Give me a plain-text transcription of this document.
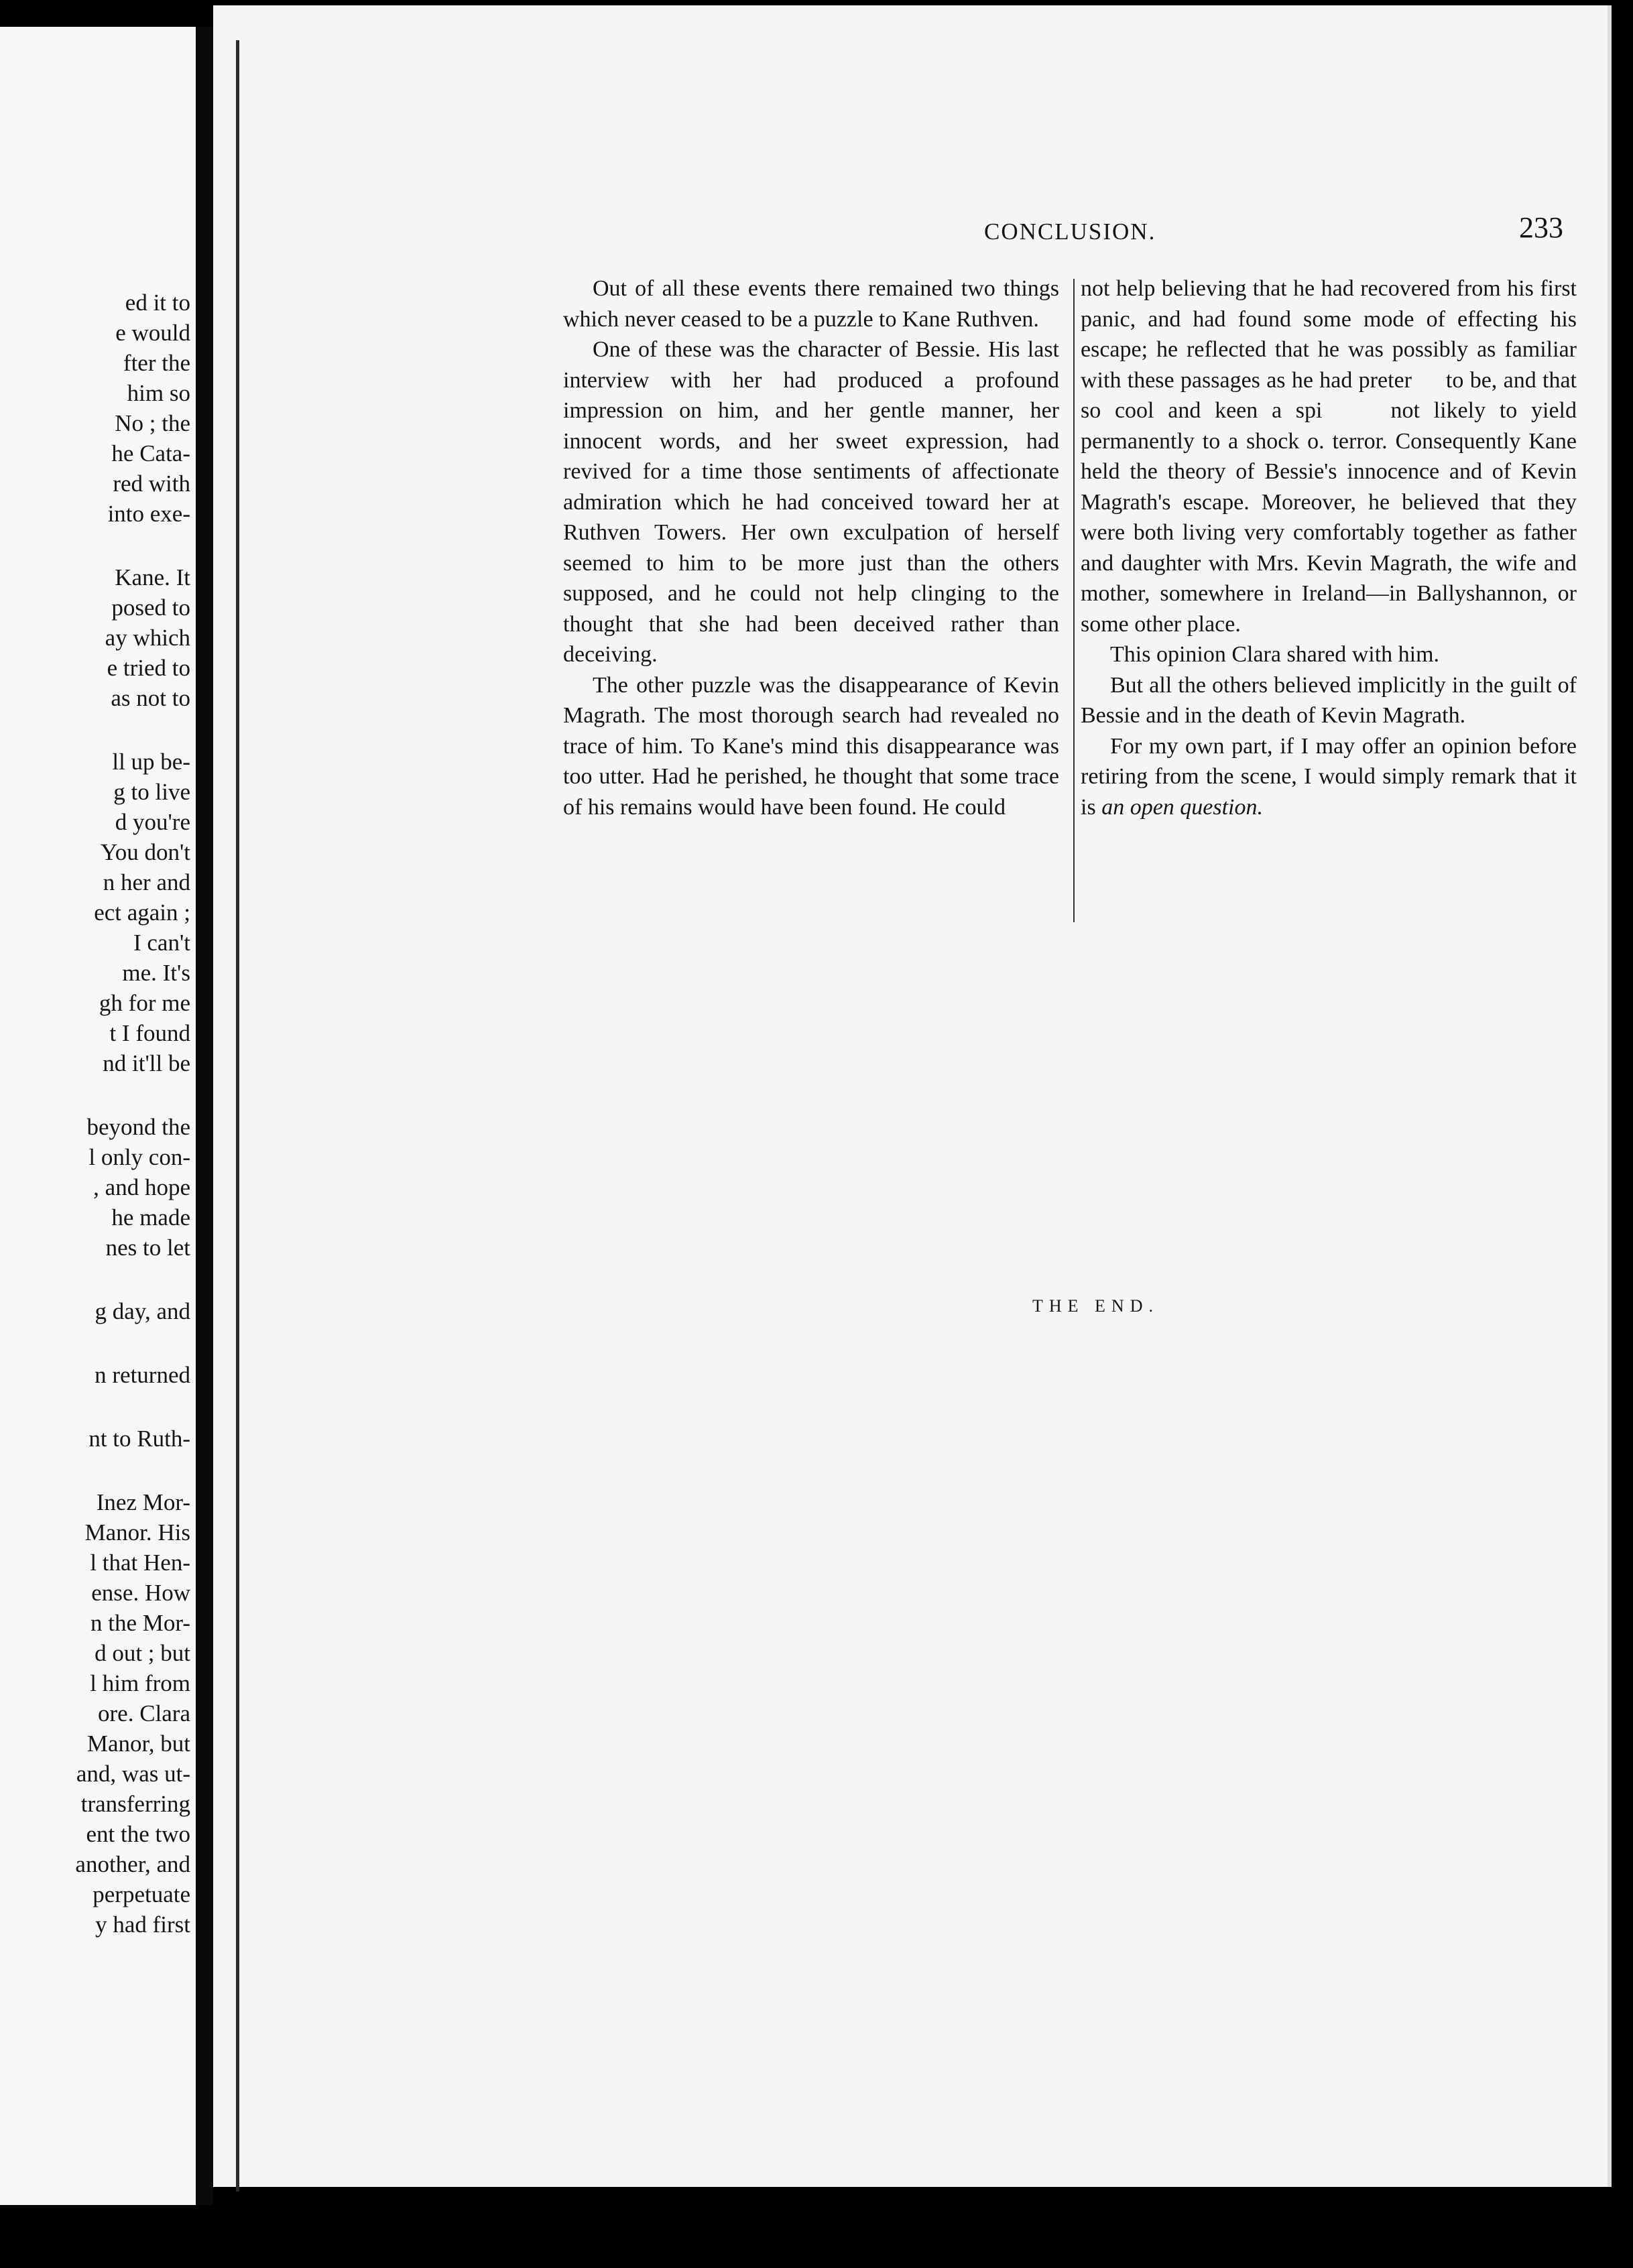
ed it to
e would
fter the
him so
No ; the
he Cata-
red with
into exe-
Kane. It
posed to
ay which
e tried to
as not to
ll up be-
g to live
d you're
You don't
n her and
ect again ;
I can't
me. It's
gh for me
t I found
nd it'll be
beyond the
l only con-
, and hope
he made
nes to let
g day, and
n returned
nt to Ruth-
Inez Mor-
Manor. His
l that Hen-
ense. How
n the Mor-
d out ; but
l him from
ore. Clara
Manor, but
and, was ut-
transferring
ent the two
another, and
perpetuate
y had first
CONCLUSION.	233

Out of all these events there remained two things which never ceased to be a puzzle to Kane Ruthven.

One of these was the character of Bessie. His last interview with her had produced a profound impression on him, and her gentle manner, her innocent words, and her sweet expression, had revived for a time those sentiments of affectionate admiration which he had conceived toward her at Ruthven Towers. Her own exculpation of herself seemed to him to be more just than the others supposed, and he could not help clinging to the thought that she had been deceived rather than deceiving.

The other puzzle was the disappearance of Kevin Magrath. The most thorough search had revealed no trace of him. To Kane's mind this disappearance was too utter. Had he perished, he thought that some trace of his remains would have been found. He could

not help believing that he had recovered from his first panic, and had found some mode of effecting his escape; he reflected that he was possibly as familiar with these passages as he had preter   to be, and that so cool and keen a spi      not likely to yield permanently to a shock o. terror. Consequently Kane held the theory of Bessie's innocence and of Kevin Magrath's escape. Moreover, he believed that they were both living very comfortably together as father and daughter with Mrs. Kevin Magrath, the wife and mother, somewhere in Ireland—in Ballyshannon, or some other place.

This opinion Clara shared with him.

But all the others believed implicitly in the guilt of Bessie and in the death of Kevin Magrath.

For my own part, if I may offer an opinion before retiring from the scene, I would simply remark that it is an open question.

THE END.
